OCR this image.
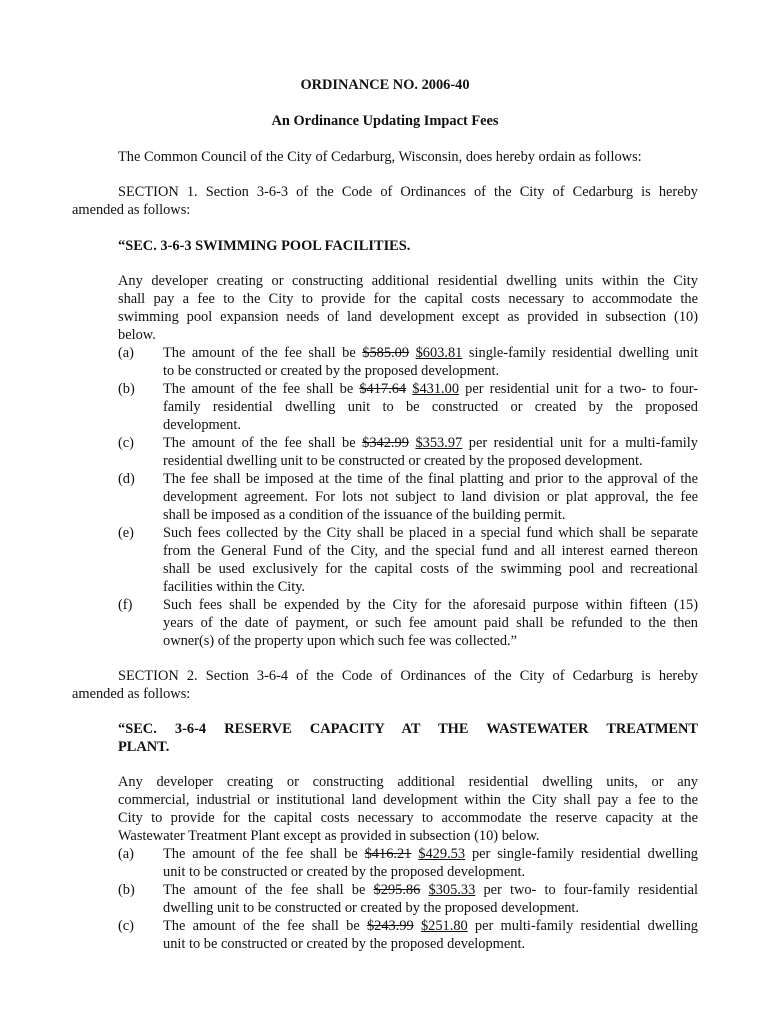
ORDINANCE NO. 2006-40
An Ordinance Updating Impact Fees
The Common Council of the City of Cedarburg, Wisconsin, does hereby ordain as follows:
SECTION 1. Section 3-6-3 of the Code of Ordinances of the City of Cedarburg is hereby
amended as follows:
“SEC. 3-6-3 SWIMMING POOL FACILITIES.
Any developer creating or constructing additional residential dwelling units within the City
shall pay a fee to the City to provide for the capital costs necessary to accommodate the
swimming pool expansion needs of land development except as provided in subsection (10)
below.
(a) The amount of the fee shall be $585.09 $603.81 single-family residential dwelling unit
to be constructed or created by the proposed development.
(b) The amount of the fee shall be $417.64 $431.00 per residential unit for a two- to four-
family residential dwelling unit to be constructed or created by the proposed
development.
(c) The amount of the fee shall be $342.99 $353.97 per residential unit for a multi-family
residential dwelling unit to be constructed or created by the proposed development.
(d) The fee shall be imposed at the time of the final platting and prior to the approval of the
development agreement. For lots not subject to land division or plat approval, the fee
shall be imposed as a condition of the issuance of the building permit.
(e) Such fees collected by the City shall be placed in a special fund which shall be separate
from the General Fund of the City, and the special fund and all interest earned thereon
shall be used exclusively for the capital costs of the swimming pool and recreational
facilities within the City.
(f) Such fees shall be expended by the City for the aforesaid purpose within fifteen (15)
years of the date of payment, or such fee amount paid shall be refunded to the then
owner(s) of the property upon which such fee was collected.”
SECTION 2. Section 3-6-4 of the Code of Ordinances of the City of Cedarburg is hereby
amended as follows:
“SEC. 3-6-4 RESERVE CAPACITY AT THE WASTEWATER TREATMENT
PLANT.
Any developer creating or constructing additional residential dwelling units, or any
commercial, industrial or institutional land development within the City shall pay a fee to the
City to provide for the capital costs necessary to accommodate the reserve capacity at the
Wastewater Treatment Plant except as provided in subsection (10) below.
(a) The amount of the fee shall be $416.21 $429.53 per single-family residential dwelling
unit to be constructed or created by the proposed development.
(b) The amount of the fee shall be $295.86 $305.33 per two- to four-family residential
dwelling unit to be constructed or created by the proposed development.
(c) The amount of the fee shall be $243.99 $251.80 per multi-family residential dwelling
unit to be constructed or created by the proposed development.
